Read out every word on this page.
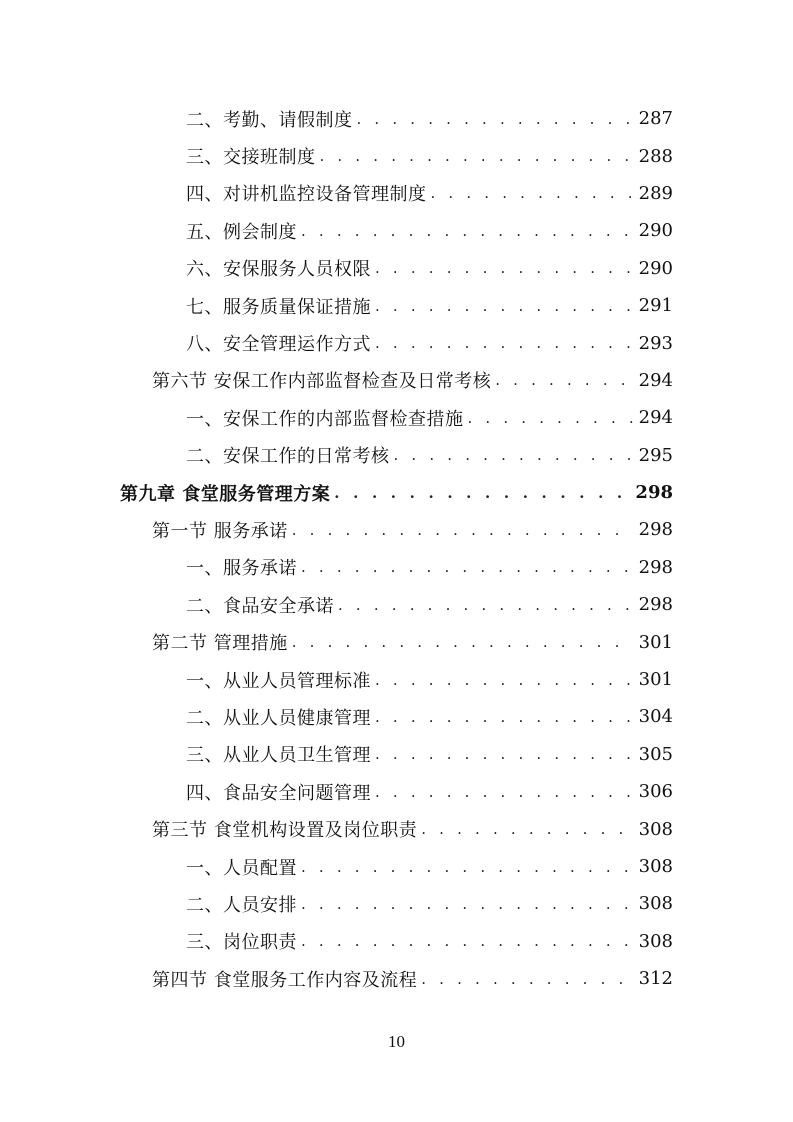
二、考勤、请假制度 . . .	287
三、交接班制度 . . .	288
四、对讲机监控设备管理制度 . . .	289
五、例会制度 . . .	290
六、安保服务人员权限 . . .	290
七、服务质量保证措施 . . .	291
八、安全管理运作方式 . . .	293
第六节 安保工作内部监督检查及日常考核 . . .	294
一、安保工作的内部监督检查措施 . . .	294
二、安保工作的日常考核 . . .	295
第九章 食堂服务管理方案 . . .	298
第一节 服务承诺 . . .	298
一、服务承诺 . . .	298
二、食品安全承诺 . . .	298
第二节 管理措施 . . .	301
一、从业人员管理标准 . . .	301
二、从业人员健康管理 . . .	304
三、从业人员卫生管理 . . .	305
四、食品安全问题管理 . . .	306
第三节 食堂机构设置及岗位职责 . . .	308
一、人员配置 . . .	308
二、人员安排 . . .	308
三、岗位职责 . . .	308
第四节 食堂服务工作内容及流程 . . .	312
10
